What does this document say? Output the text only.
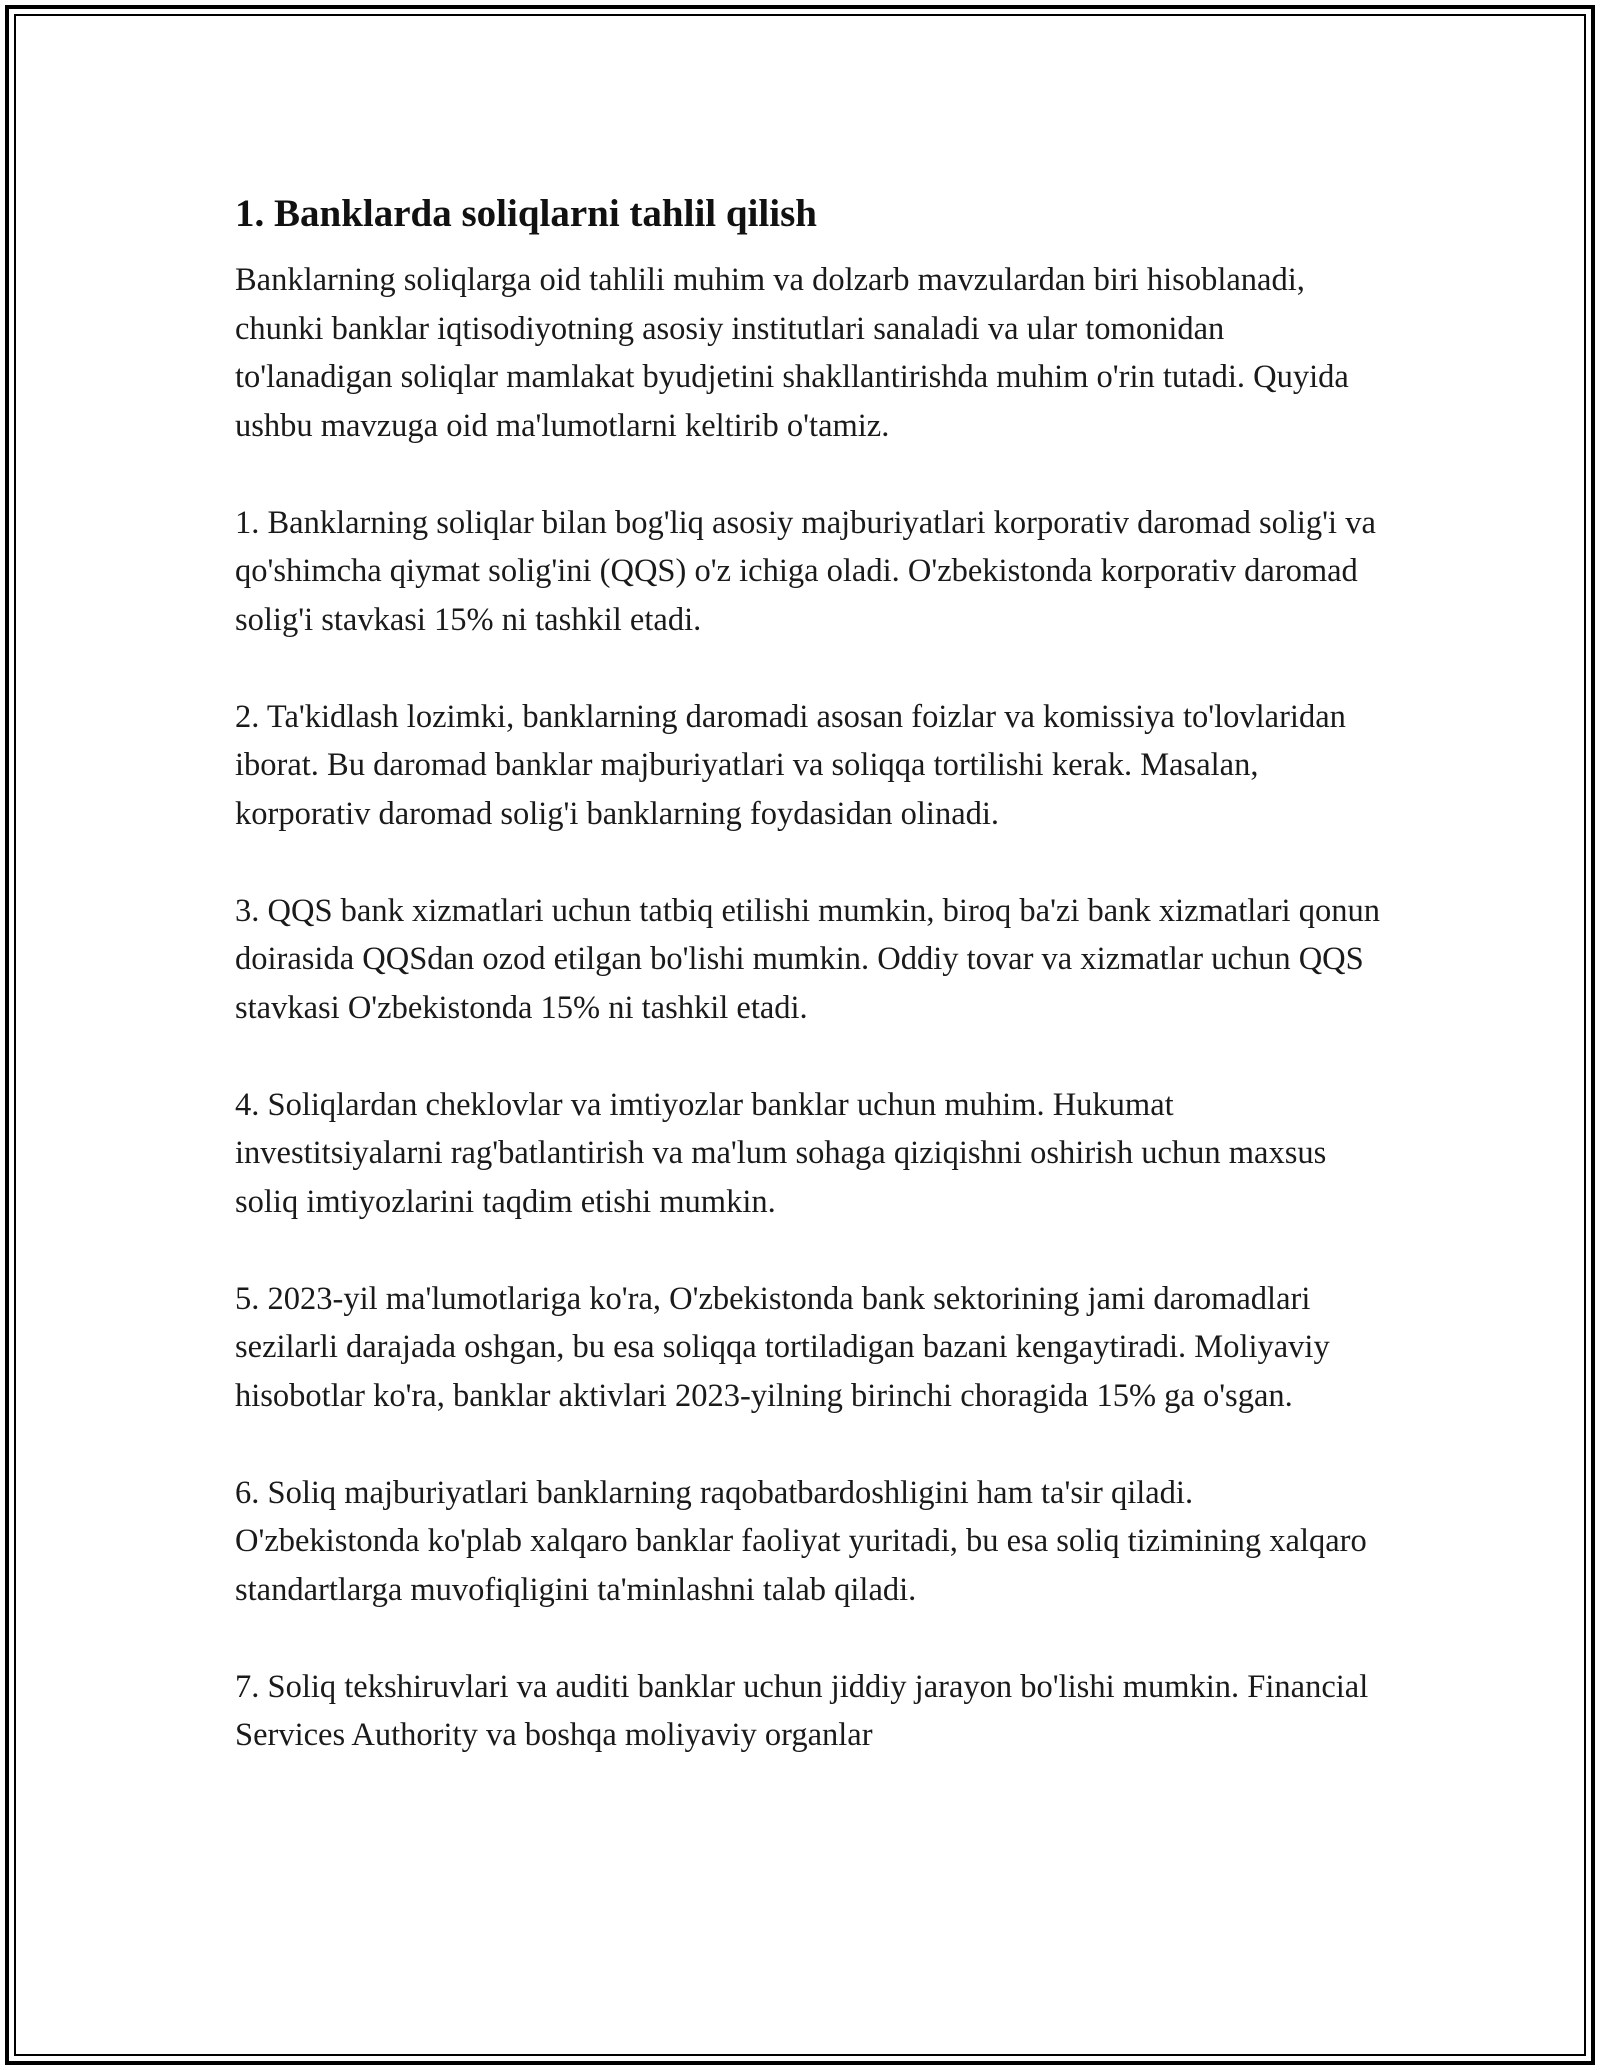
1. Banklarda soliqlarni tahlil qilish

Banklarning soliqlarga oid tahlili muhim va dolzarb mavzulardan biri hisoblanadi, chunki banklar iqtisodiyotning asosiy institutlari sanaladi va ular tomonidan to'lanadigan soliqlar mamlakat byudjetini shakllantirishda muhim o'rin tutadi. Quyida ushbu mavzuga oid ma'lumotlarni keltirib o'tamiz.

1. Banklarning soliqlar bilan bog'liq asosiy majburiyatlari korporativ daromad solig'i va qo'shimcha qiymat solig'ini (QQS) o'z ichiga oladi. O'zbekistonda korporativ daromad solig'i stavkasi 15% ni tashkil etadi.

2. Ta'kidlash lozimki, banklarning daromadi asosan foizlar va komissiya to'lovlaridan iborat. Bu daromad banklar majburiyatlari va soliqqa tortilishi kerak. Masalan, korporativ daromad solig'i banklarning foydasidan olinadi.

3. QQS bank xizmatlari uchun tatbiq etilishi mumkin, biroq ba'zi bank xizmatlari qonun doirasida QQSdan ozod etilgan bo'lishi mumkin. Oddiy tovar va xizmatlar uchun QQS stavkasi O'zbekistonda 15% ni tashkil etadi.

4. Soliqlardan cheklovlar va imtiyozlar banklar uchun muhim. Hukumat investitsiyalarni rag'batlantirish va ma'lum sohaga qiziqishni oshirish uchun maxsus soliq imtiyozlarini taqdim etishi mumkin.

5. 2023-yil ma'lumotlariga ko'ra, O'zbekistonda bank sektorining jami daromadlari sezilarli darajada oshgan, bu esa soliqqa tortiladigan bazani kengaytiradi. Moliyaviy hisobotlar ko'ra, banklar aktivlari 2023-yilning birinchi choragida 15% ga o'sgan.

6. Soliq majburiyatlari banklarning raqobatbardoshligini ham ta'sir qiladi. O'zbekistonda ko'plab xalqaro banklar faoliyat yuritadi, bu esa soliq tizimining xalqaro standartlarga muvofiqligini ta'minlashni talab qiladi.

7. Soliq tekshiruvlari va auditi banklar uchun jiddiy jarayon bo'lishi mumkin. Financial Services Authority va boshqa moliyaviy organlar
